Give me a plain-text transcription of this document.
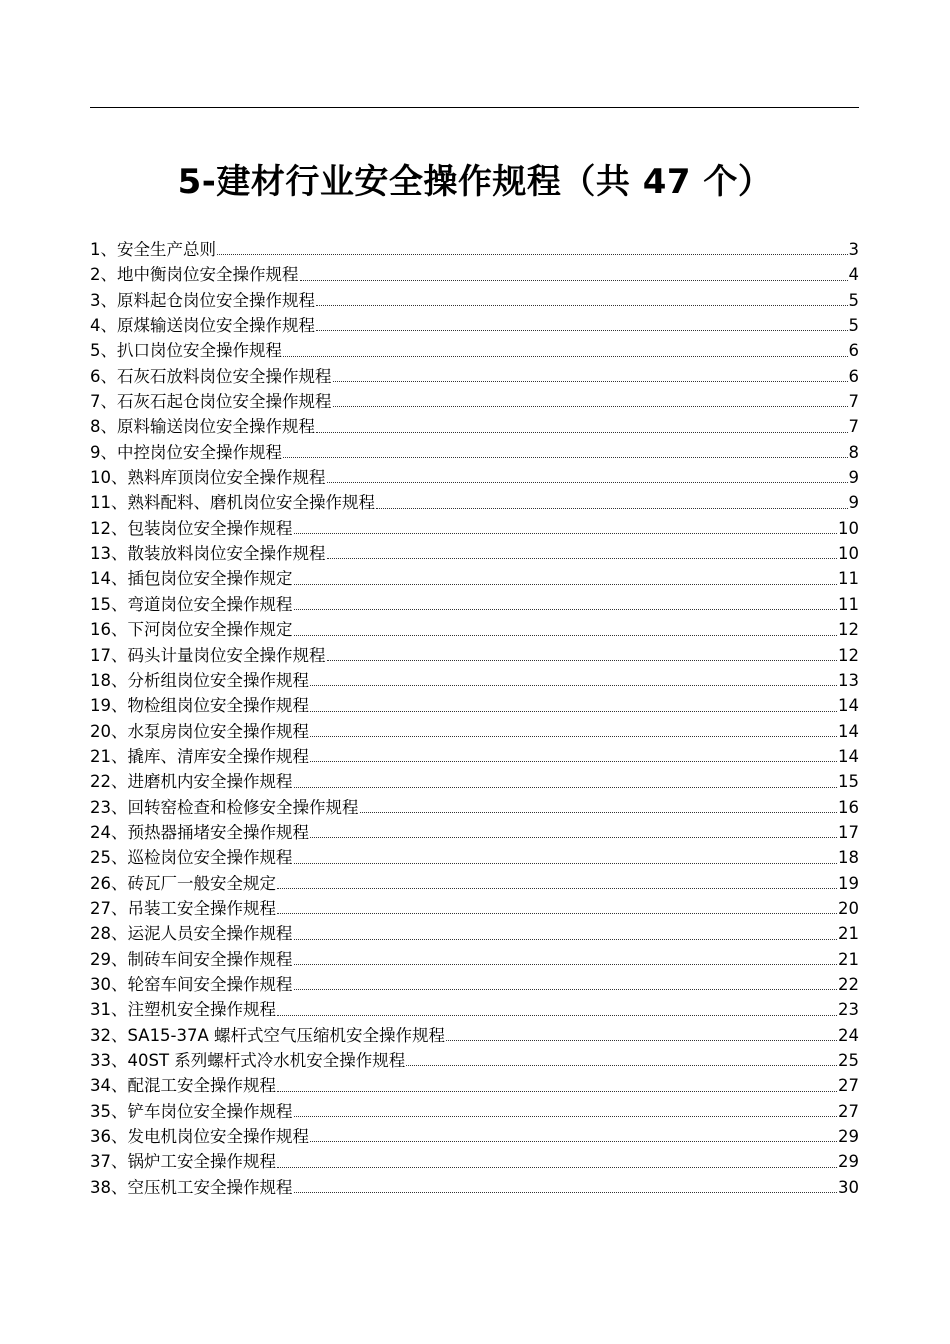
5-建材行业安全操作规程（共 47 个）
1、安全生产总则	3
2、地中衡岗位安全操作规程	4
3、原料起仓岗位安全操作规程	5
4、原煤输送岗位安全操作规程	5
5、扒口岗位安全操作规程	6
6、石灰石放料岗位安全操作规程	6
7、石灰石起仓岗位安全操作规程	7
8、原料输送岗位安全操作规程	7
9、中控岗位安全操作规程	8
10、熟料库顶岗位安全操作规程	9
11、熟料配料、磨机岗位安全操作规程	9
12、包装岗位安全操作规程	10
13、散装放料岗位安全操作规程	10
14、插包岗位安全操作规定	11
15、弯道岗位安全操作规程	11
16、下河岗位安全操作规定	12
17、码头计量岗位安全操作规程	12
18、分析组岗位安全操作规程	13
19、物检组岗位安全操作规程	14
20、水泵房岗位安全操作规程	14
21、撬库、清库安全操作规程	14
22、进磨机内安全操作规程	15
23、回转窑检查和检修安全操作规程	16
24、预热器捅堵安全操作规程	17
25、巡检岗位安全操作规程	18
26、砖瓦厂一般安全规定	19
27、吊装工安全操作规程	20
28、运泥人员安全操作规程	21
29、制砖车间安全操作规程	21
30、轮窑车间安全操作规程	22
31、注塑机安全操作规程	23
32、SA15-37A 螺杆式空气压缩机安全操作规程	24
33、40ST 系列螺杆式冷水机安全操作规程	25
34、配混工安全操作规程	27
35、铲车岗位安全操作规程	27
36、发电机岗位安全操作规程	29
37、锅炉工安全操作规程	29
38、空压机工安全操作规程	30
